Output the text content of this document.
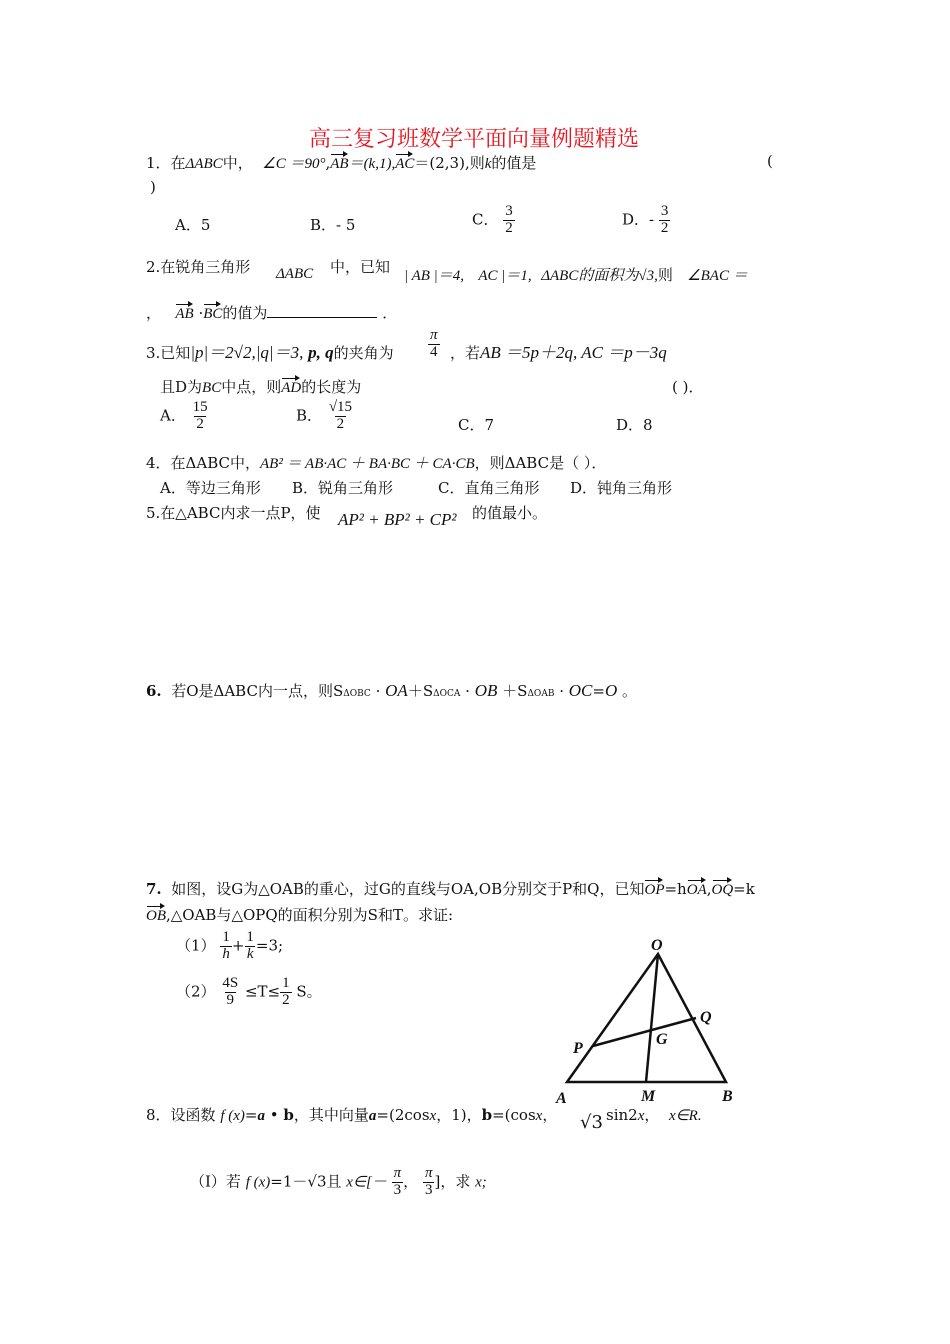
高三复习班数学平面向量例题精选
1．在ΔABC中， ∠C ＝90°,AB＝(k,1),AC＝(2,3),则k的值是	(
)
A．5	B．- 5	C． $\frac{3}{2}$	D．- $\frac{3}{2}$
2.在锐角三角形 ΔABC 中，已知 | AB |＝4, AC |＝1, ΔABC的面积为√3,则 ∠BAC ＝
， AB ·BC的值为	．
3.已知|p|＝2√2,|q|＝3, p, q的夹角为 $\frac{\pi}{4}$ ，若AB ＝5p＋2q, AC ＝p－3q
且D为BC中点，则AD的长度为	( )．
A． $\frac{15}{2}$	B． $\frac{√15}{2}$	C．7	D．8
4．在ΔABC中，AB² ＝ AB·AC ＋ BA·BC ＋ CA·CB，则ΔABC是（ ）．
A．等边三角形 B．锐角三角形	C．直角三角形 D．钝角三角形
5.在△ABC内求一点P，使 AP² + BP² + CP² 的值最小。
6. 若O是ΔABC内一点，则SΔOBC · OA＋SΔOCA · OB ＋SΔOAB · OC=O 。
7. 如图，设G为△OAB的重心，过G的直线与OA,OB分别交于P和Q，已知OP=hOA,OQ=k
OB,△OAB与△OPQ的面积分别为S和T。求证:
$(1) \frac{1}{h} + \frac{1}{k} =3$;
$(2) \frac{4S}{9} \le T\le \frac{1}{2}$ S。
O
A	B
M
P
Q
G
8．设函数 f (x)=a • b，其中向量a=(2cosx，1)，b=(cosx， √3 sin2x， x∈R.
（Ⅰ）若 f (x)=1－√3且 x∈[－ $\frac{\pi}{3}$ ， $\frac{\pi}{3}$ ]，求 x;
